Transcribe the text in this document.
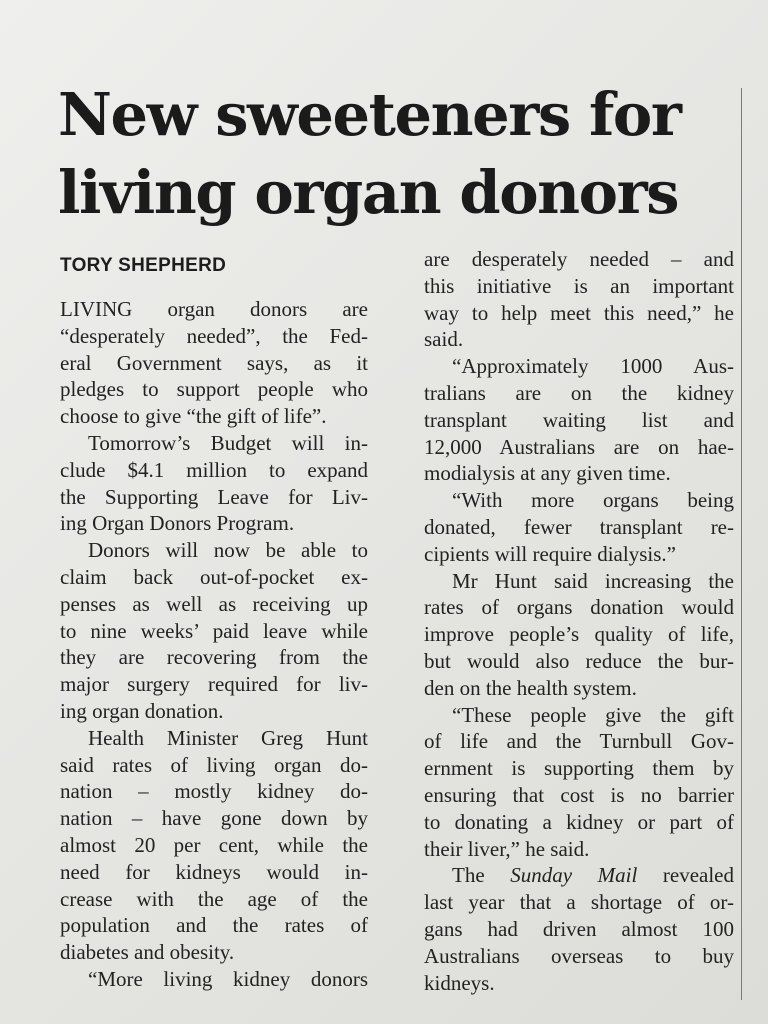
New sweeteners for
living organ donors
TORY SHEPHERD
LIVING organ donors are
“desperately needed”, the Fed-
eral Government says, as it
pledges to support people who
choose to give “the gift of life”.
Tomorrow’s Budget will in-
clude $4.1 million to expand
the Supporting Leave for Liv-
ing Organ Donors Program.
Donors will now be able to
claim back out-of-pocket ex-
penses as well as receiving up
to nine weeks’ paid leave while
they are recovering from the
major surgery required for liv-
ing organ donation.
Health Minister Greg Hunt
said rates of living organ do-
nation – mostly kidney do-
nation – have gone down by
almost 20 per cent, while the
need for kidneys would in-
crease with the age of the
population and the rates of
diabetes and obesity.
“More living kidney donors
are desperately needed – and
this initiative is an important
way to help meet this need,” he
said.
“Approximately 1000 Aus-
tralians are on the kidney
transplant waiting list and
12,000 Australians are on hae-
modialysis at any given time.
“With more organs being
donated, fewer transplant re-
cipients will require dialysis.”
Mr Hunt said increasing the
rates of organs donation would
improve people’s quality of life,
but would also reduce the bur-
den on the health system.
“These people give the gift
of life and the Turnbull Gov-
ernment is supporting them by
ensuring that cost is no barrier
to donating a kidney or part of
their liver,” he said.
The Sunday Mail revealed
last year that a shortage of or-
gans had driven almost 100
Australians overseas to buy
kidneys.
